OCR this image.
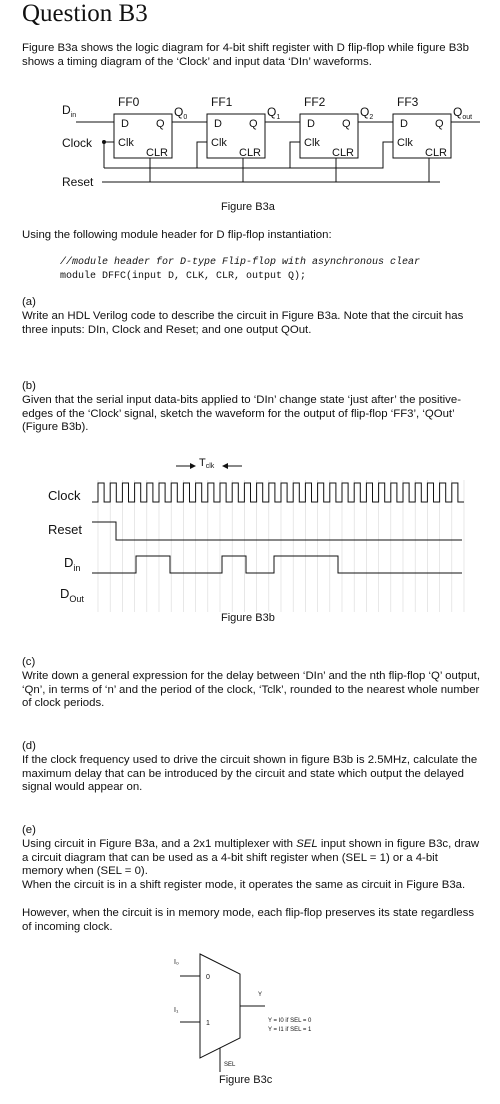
Question B3
Figure B3a shows the logic diagram for 4-bit shift register with D flip-flop while figure B3b shows a timing diagram of the ‘Clock’ and input data ‘DIn’ waveforms.
$D_{in}$
Clock
Reset
FF0	FF1	FF2	FF3
D Q
Clk
CLR
D Q
Clk
CLR
D Q
Clk
CLR
D Q
Clk
CLR
$Q_0$	$Q_1$	$Q_2$	$Q_{out}$
Figure B3a
Using the following module header for D flip-flop instantiation:
//module header for D-type Flip-flop with asynchronous clear
module DFFC(input D, CLK, CLR, output Q);
(a)
Write an HDL Verilog code to describe the circuit in Figure B3a. Note that the circuit has three inputs: DIn, Clock and Reset; and one output QOut.
(b)
Given that the serial input data-bits applied to ‘DIn’ change state ‘just after’ the positive-edges of the ‘Clock’ signal, sketch the waveform for the output of flip-flop ‘FF3’, ‘QOut’ (Figure B3b).
Tclk
Clock
Reset
$D_{in}$
$D_{Out}$
Figure B3b
(c)
Write down a general expression for the delay between ‘DIn’ and the nth flip-flop ‘Q’ output, ‘Qn’, in terms of ‘n’ and the period of the clock, ‘Tclk’, rounded to the nearest whole number of clock periods.
(d)
If the clock frequency used to drive the circuit shown in figure B3b is 2.5MHz, calculate the maximum delay that can be introduced by the circuit and state which output the delayed signal would appear on.
(e)
Using circuit in Figure B3a, and a 2x1 multiplexer with SEL input shown in figure B3c, draw a circuit diagram that can be used as a 4-bit shift register when (SEL = 1) or a 4-bit memory when (SEL = 0).
When the circuit is in a shift register mode, it operates the same as circuit in Figure B3a.
However, when the circuit is in memory mode, each flip-flop preserves its state regardless of incoming clock.
I₀
I₁
0
1
Y
SEL
Y = I0 if SEL = 0
Y = I1 if SEL = 1
Figure B3c
